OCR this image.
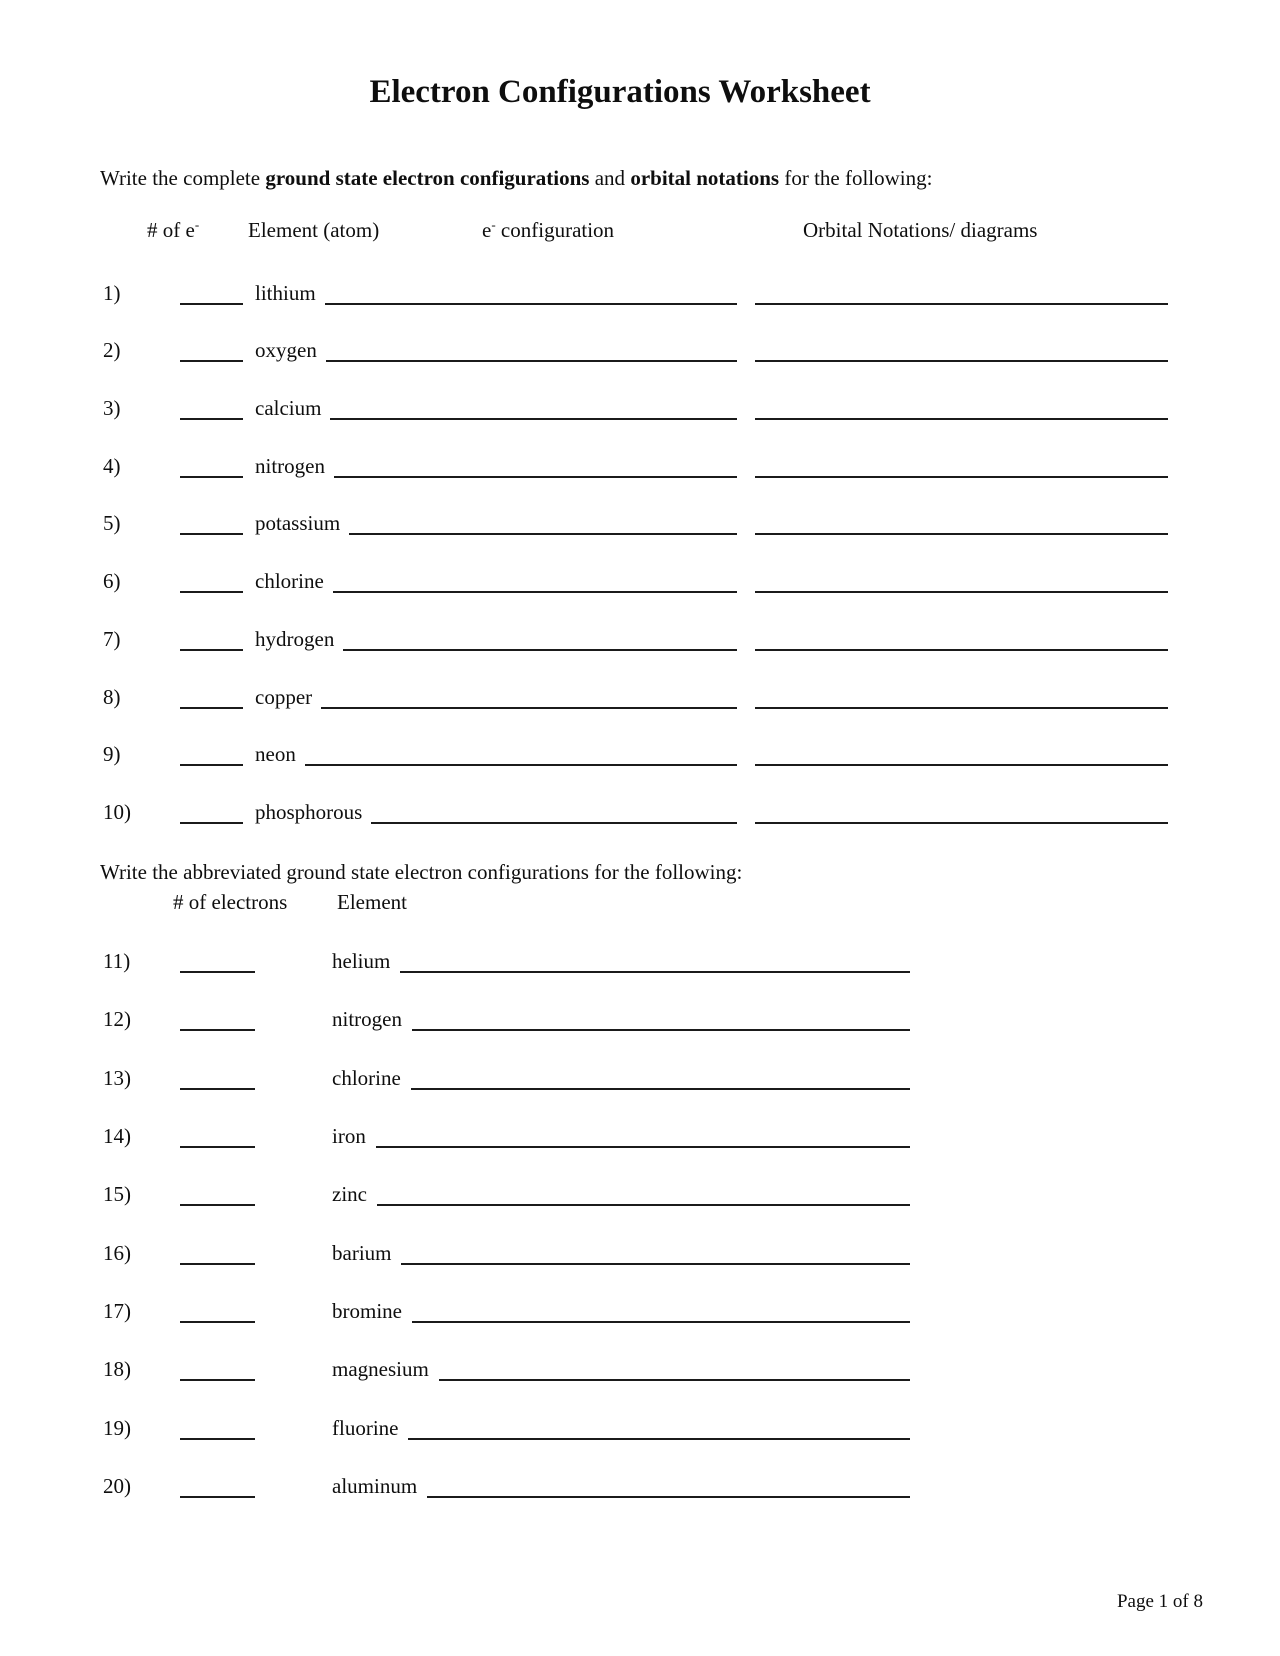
Electron Configurations Worksheet
Write the complete ground state electron configurations and orbital notations for the following:
# of e- Element (atom)	e- configuration	Orbital Notations/ diagrams
1)	lithium
2)	oxygen
3)	calcium
4)	nitrogen
5)	potassium
6)	chlorine
7)	hydrogen
8)	copper
9)	neon
10)	phosphorous
Write the abbreviated ground state electron configurations for the following:
# of electrons Element
11)	helium
12)	nitrogen
13)	chlorine
14)	iron
15)	zinc
16)	barium
17)	bromine
18)	magnesium
19)	fluorine
20)	aluminum
Page 1 of 8
